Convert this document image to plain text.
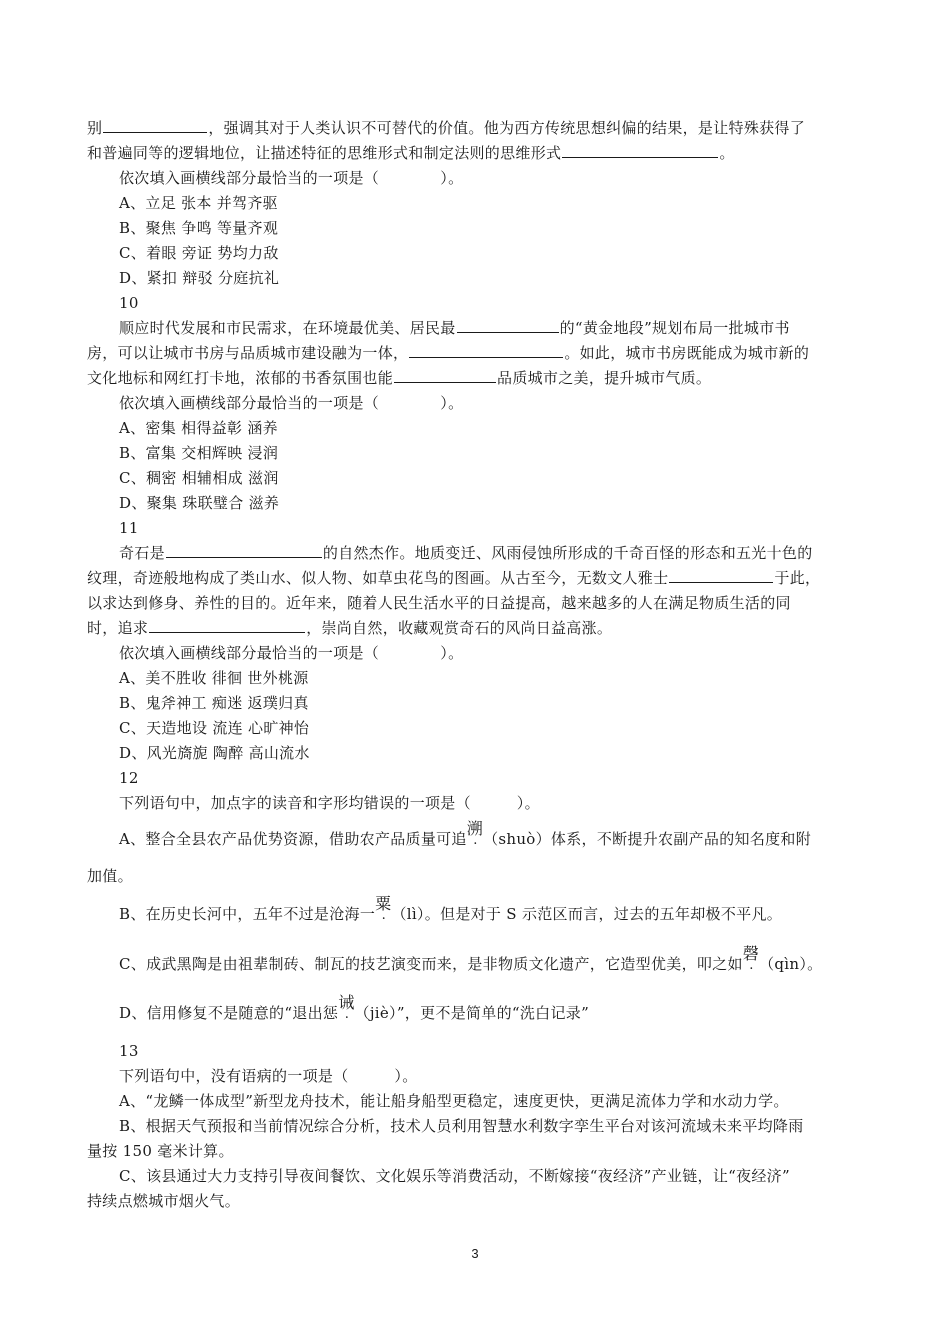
别	，强调其对于人类认识不可替代的价值。他为西方传统思想纠偏的结果，是让特殊获得了
和普遍同等的逻辑地位，让描述特征的思维形式和制定法则的思维形式	。
依次填入画横线部分最恰当的一项是（　　　　）。
A、立足 张本 并驾齐驱
B、聚焦 争鸣 等量齐观
C、着眼 旁证 势均力敌
D、紧扣 辩驳 分庭抗礼
10
顺应时代发展和市民需求，在环境最优美、居民最	的“黄金地段”规划布局一批城市书
房，可以让城市书房与品质城市建设融为一体，	。如此，城市书房既能成为城市新的
文化地标和网红打卡地，浓郁的书香氛围也能	品质城市之美，提升城市气质。
依次填入画横线部分最恰当的一项是（　　　　）。
A、密集 相得益彰 涵养
B、富集 交相辉映 浸润
C、稠密 相辅相成 滋润
D、聚集 珠联璧合 滋养
11
奇石是	的自然杰作。地质变迁、风雨侵蚀所形成的千奇百怪的形态和五光十色的
纹理，奇迹般地构成了类山水、似人物、如草虫花鸟的图画。从古至今，无数文人雅士	于此，
以求达到修身、养性的目的。近年来，随着人民生活水平的日益提高，越来越多的人在满足物质生活的同
时，追求	，崇尚自然，收藏观赏奇石的风尚日益高涨。
依次填入画横线部分最恰当的一项是（　　　　）。
A、美不胜收 徘徊 世外桃源
B、鬼斧神工 痴迷 返璞归真
C、天造地设 流连 心旷神怡
D、风光旖旎 陶醉 高山流水
12
下列语句中，加点字的读音和字形均错误的一项是（　　　）。
A、整合全县农产品优势资源，借助农产品质量可追溯（shuò）体系，不断提升农副产品的知名度和附
加值。
B、在历史长河中，五年不过是沧海一粟（lì）。但是对于 S 示范区而言，过去的五年却极不平凡。
C、成武黑陶是由祖辈制砖、制瓦的技艺演变而来，是非物质文化遗产，它造型优美，叩之如磬（qìn）。
D、信用修复不是随意的“退出惩诫（jiè）”，更不是简单的“洗白记录”
13
下列语句中，没有语病的一项是（　　　）。
A、“龙鳞一体成型”新型龙舟技术，能让船身船型更稳定，速度更快，更满足流体力学和水动力学。
B、根据天气预报和当前情况综合分析，技术人员利用智慧水利数字孪生平台对该河流域未来平均降雨
量按 150 毫米计算。
C、该县通过大力支持引导夜间餐饮、文化娱乐等消费活动，不断嫁接“夜经济”产业链，让“夜经济”
持续点燃城市烟火气。
3
